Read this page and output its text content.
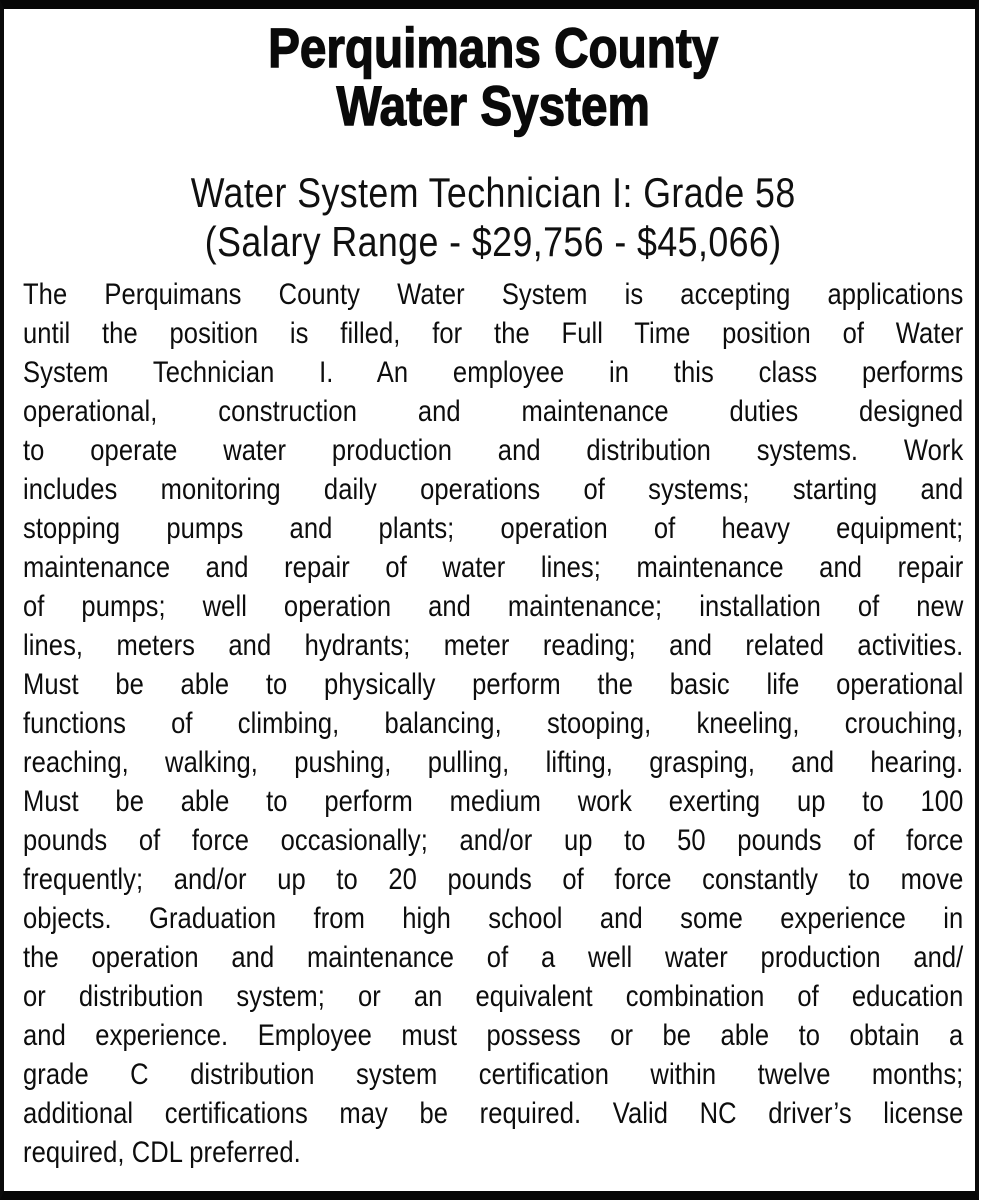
Perquimans County
Water System
Water System Technician I: Grade 58
(Salary Range - $29,756 - $45,066)
The Perquimans County Water System is accepting applications
until the position is filled, for the Full Time position of Water
System Technician I. An employee in this class performs
operational, construction and maintenance duties designed
to operate water production and distribution systems. Work
includes monitoring daily operations of systems; starting and
stopping pumps and plants; operation of heavy equipment;
maintenance and repair of water lines; maintenance and repair
of pumps; well operation and maintenance; installation of new
lines, meters and hydrants; meter reading; and related activities.
Must be able to physically perform the basic life operational
functions of climbing, balancing, stooping, kneeling, crouching,
reaching, walking, pushing, pulling, lifting, grasping, and hearing.
Must be able to perform medium work exerting up to 100
pounds of force occasionally; and/or up to 50 pounds of force
frequently; and/or up to 20 pounds of force constantly to move
objects. Graduation from high school and some experience in
the operation and maintenance of a well water production and/
or distribution system; or an equivalent combination of education
and experience. Employee must possess or be able to obtain a
grade C distribution system certification within twelve months;
additional certifications may be required. Valid NC driver’s license
required, CDL preferred.
